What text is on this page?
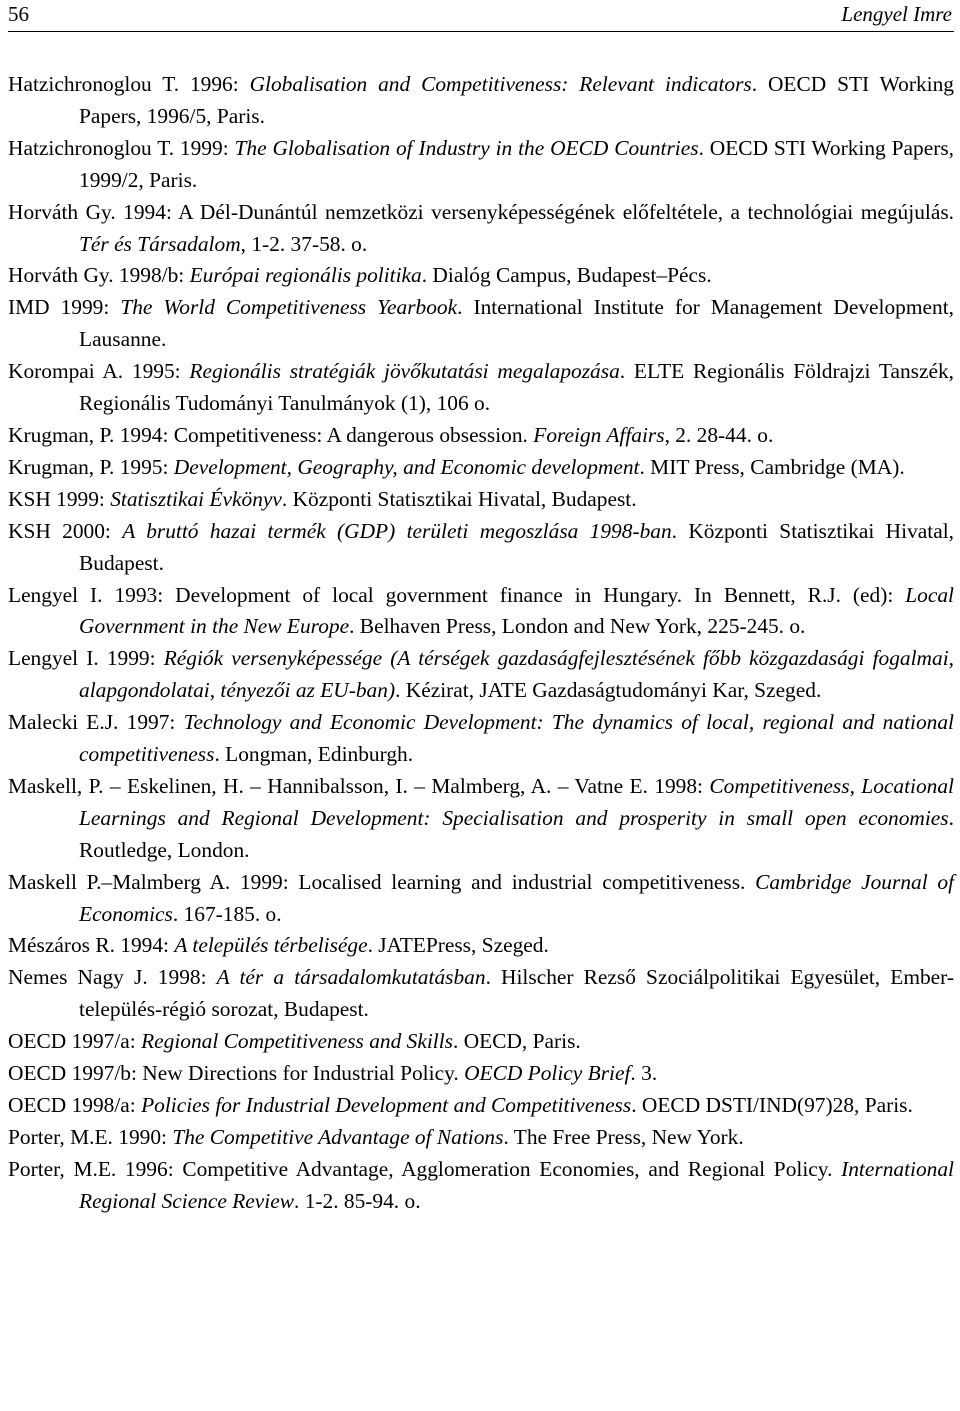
56	Lengyel Imre
Hatzichronoglou T. 1996: Globalisation and Competitiveness: Relevant indicators. OECD STI Working Papers, 1996/5, Paris.
Hatzichronoglou T. 1999: The Globalisation of Industry in the OECD Countries. OECD STI Working Papers, 1999/2, Paris.
Horváth Gy. 1994: A Dél-Dunántúl nemzetközi versenyképességének előfeltétele, a technológiai megújulás. Tér és Társadalom, 1-2. 37-58. o.
Horváth Gy. 1998/b: Európai regionális politika. Dialóg Campus, Budapest–Pécs.
IMD 1999: The World Competitiveness Yearbook. International Institute for Management Development, Lausanne.
Korompai A. 1995: Regionális stratégiák jövőkutatási megalapozása. ELTE Regionális Földrajzi Tanszék, Regionális Tudományi Tanulmányok (1), 106 o.
Krugman, P. 1994: Competitiveness: A dangerous obsession. Foreign Affairs, 2. 28-44. o.
Krugman, P. 1995: Development, Geography, and Economic development. MIT Press, Cambridge (MA).
KSH 1999: Statisztikai Évkönyv. Központi Statisztikai Hivatal, Budapest.
KSH 2000: A bruttó hazai termék (GDP) területi megoszlása 1998-ban. Központi Statisztikai Hivatal, Budapest.
Lengyel I. 1993: Development of local government finance in Hungary. In Bennett, R.J. (ed): Local Government in the New Europe. Belhaven Press, London and New York, 225-245. o.
Lengyel I. 1999: Régiók versenyképessége (A térségek gazdaságfejlesztésének főbb közgazdasági fogalmai, alapgondolatai, tényezői az EU-ban). Kézirat, JATE Gazdaságtudományi Kar, Szeged.
Malecki E.J. 1997: Technology and Economic Development: The dynamics of local, regional and national competitiveness. Longman, Edinburgh.
Maskell, P. – Eskelinen, H. – Hannibalsson, I. – Malmberg, A. – Vatne E. 1998: Competitiveness, Locational Learnings and Regional Development: Specialisation and prosperity in small open economies. Routledge, London.
Maskell P.–Malmberg A. 1999: Localised learning and industrial competitiveness. Cambridge Journal of Economics. 167-185. o.
Mészáros R. 1994: A település térbelisége. JATEPress, Szeged.
Nemes Nagy J. 1998: A tér a társadalomkutatásban. Hilscher Rezső Szociálpolitikai Egyesület, Ember-település-régió sorozat, Budapest.
OECD 1997/a: Regional Competitiveness and Skills. OECD, Paris.
OECD 1997/b: New Directions for Industrial Policy. OECD Policy Brief. 3.
OECD 1998/a: Policies for Industrial Development and Competitiveness. OECD DSTI/IND(97)28, Paris.
Porter, M.E. 1990: The Competitive Advantage of Nations. The Free Press, New York.
Porter, M.E. 1996: Competitive Advantage, Agglomeration Economies, and Regional Policy. International Regional Science Review. 1-2. 85-94. o.
